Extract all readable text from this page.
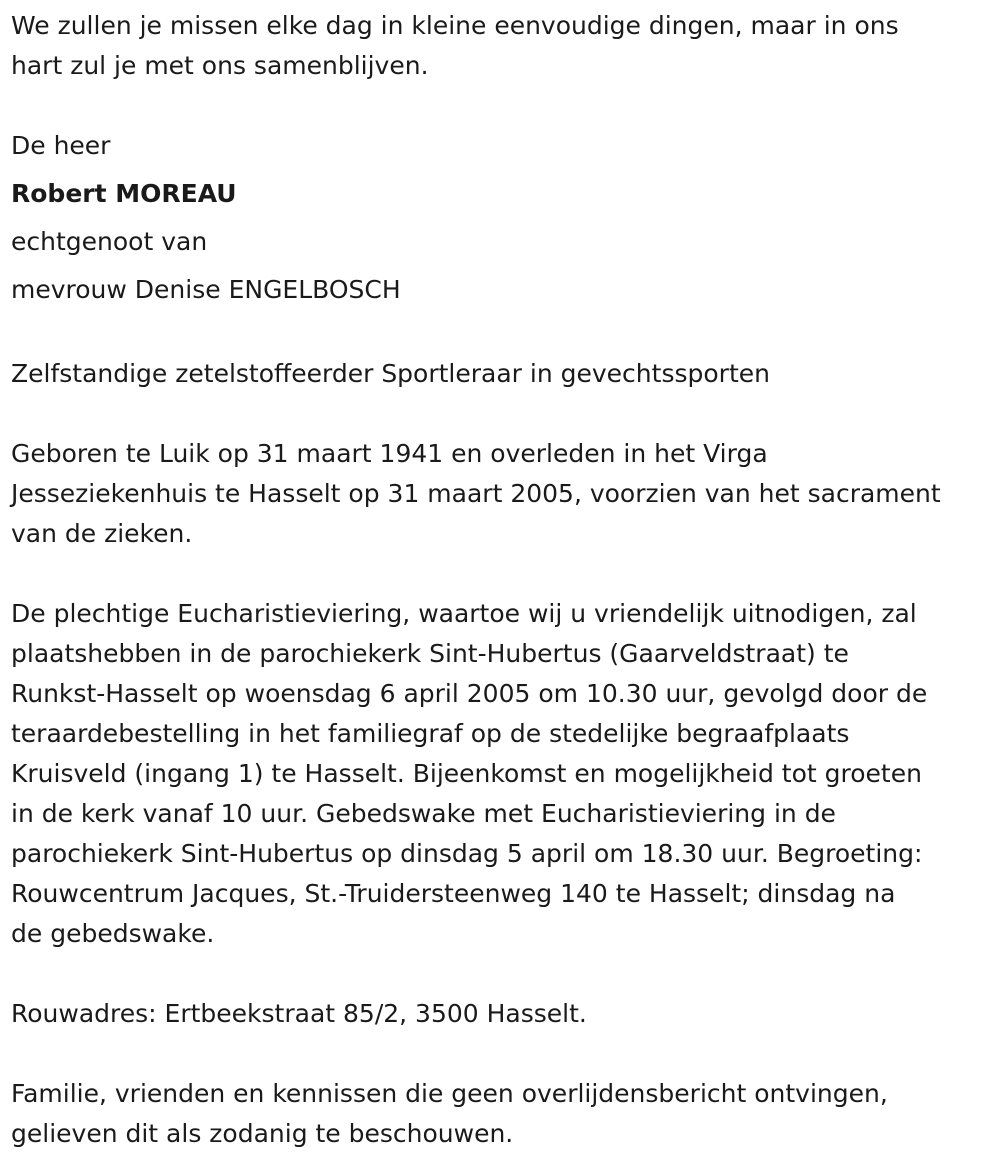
We zullen je missen elke dag in kleine eenvoudige dingen, maar in ons

hart zul je met ons samenblijven.

De heer

Robert MOREAU

echtgenoot van

mevrouw Denise ENGELBOSCH

Zelfstandige zetelstoffeerder Sportleraar in gevechtssporten

Geboren te Luik op 31 maart 1941 en overleden in het Virga

Jesseziekenhuis te Hasselt op 31 maart 2005, voorzien van het sacrament

van de zieken.

De plechtige Eucharistieviering, waartoe wij u vriendelijk uitnodigen, zal

plaatshebben in de parochiekerk Sint-Hubertus (Gaarveldstraat) te

Runkst-Hasselt op woensdag 6 april 2005 om 10.30 uur, gevolgd door de

teraardebestelling in het familiegraf op de stedelijke begraafplaats

Kruisveld (ingang 1) te Hasselt. Bijeenkomst en mogelijkheid tot groeten

in de kerk vanaf 10 uur. Gebedswake met Eucharistieviering in de

parochiekerk Sint-Hubertus op dinsdag 5 april om 18.30 uur. Begroeting:

Rouwcentrum Jacques, St.-Truidersteenweg 140 te Hasselt; dinsdag na

de gebedswake.

Rouwadres: Ertbeekstraat 85/2, 3500 Hasselt.

Familie, vrienden en kennissen die geen overlijdensbericht ontvingen,

gelieven dit als zodanig te beschouwen.
